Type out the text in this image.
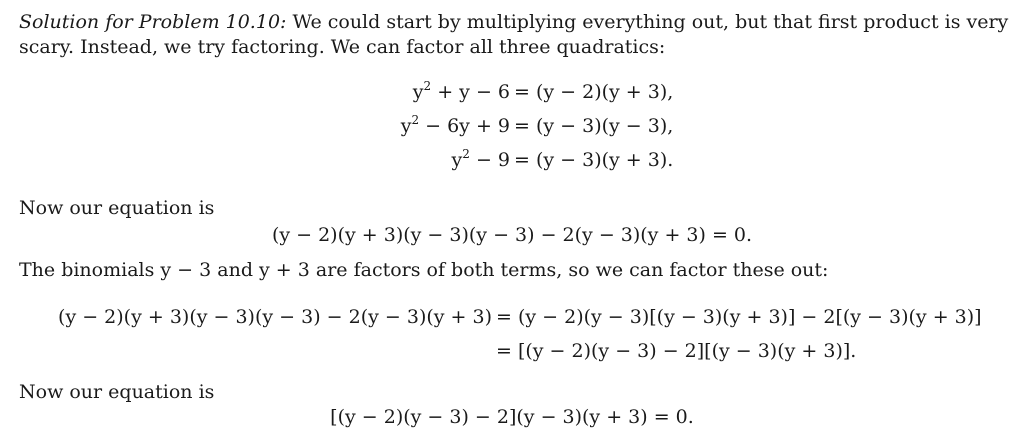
Solution for Problem 10.10: We could start by multiplying everything out, but that first product is very
scary. Instead, we try factoring. We can factor all three quadratics:
$y^2 + y - 6 = (y - 2)(y + 3)$,
$y^2 - 6y + 9 = (y - 3)(y - 3)$,
$y^2 - 9 = (y - 3)(y + 3)$.
Now our equation is
(y − 2)(y + 3)(y − 3)(y − 3) − 2(y − 3)(y + 3) = 0.
The binomials y − 3 and y + 3 are factors of both terms, so we can factor these out:
(y − 2)(y + 3)(y − 3)(y − 3) − 2(y − 3)(y + 3) = (y − 2)(y − 3)[(y − 3)(y + 3)] − 2[(y − 3)(y + 3)]
= [(y − 2)(y − 3) − 2][(y − 3)(y + 3)].
Now our equation is
[(y − 2)(y − 3) − 2](y − 3)(y + 3) = 0.
